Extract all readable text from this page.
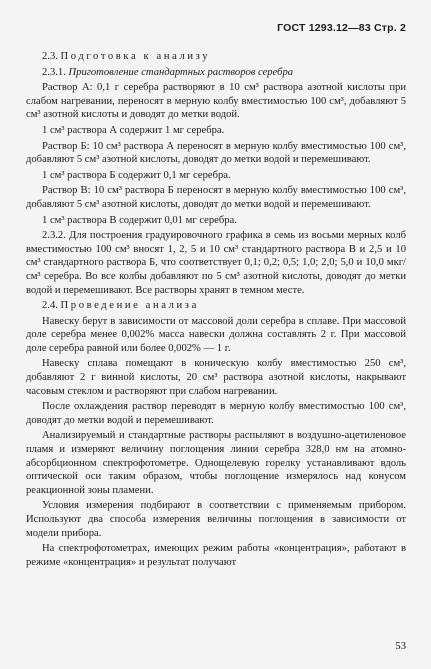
ГОСТ 1293.12—83 Стр. 2

2.3. Подготовка к анализу

2.3.1. Приготовление стандартных растворов серебра

Раствор А: 0,1 г серебра растворяют в 10 см³ раствора азотной кислоты при слабом нагревании, переносят в мерную колбу вместимостью 100 см³, добавляют 5 см³ азотной кислоты и доводят до метки водой.

1 см³ раствора А содержит 1 мг серебра.

Раствор Б: 10 см³ раствора А переносят в мерную колбу вместимостью 100 см³, добавляют 5 см³ азотной кислоты, доводят до метки водой и перемешивают.

1 см³ раствора Б содержит 0,1 мг серебра.

Раствор В: 10 см³ раствора Б переносят в мерную колбу вместимостью 100 см³, добавляют 5 см³ азотной кислоты, доводят до метки водой и перемешивают.

1 см³ раствора В содержит 0,01 мг серебра.

2.3.2. Для построения градуировочного графика в семь из восьми мерных колб вместимостью 100 см³ вносят 1, 2, 5 и 10 см³ стандартного раствора В и 2,5 и 10 см³ стандартного раствора Б, что соответствует 0,1; 0,2; 0,5; 1,0; 2,0; 5,0 и 10,0 мкг/см³ серебра. Во все колбы добавляют по 5 см³ азотной кислоты, доводят до метки водой и перемешивают. Все растворы хранят в темном месте.

2.4. Проведение анализа

Навеску берут в зависимости от массовой доли серебра в сплаве. При массовой доле серебра менее 0,002% масса навески должна составлять 2 г. При массовой доле серебра равной или более 0,002% — 1 г.

Навеску сплава помещают в коническую колбу вместимостью 250 см³, добавляют 2 г винной кислоты, 20 см³ раствора азотной кислоты, накрывают часовым стеклом и растворяют при слабом нагревании.

После охлаждения раствор переводят в мерную колбу вместимостью 100 см³, доводят до метки водой и перемешивают.

Анализируемый и стандартные растворы распыляют в воздушно-ацетиленовое пламя и измеряют величину поглощения линии серебра 328,0 нм на атомно-абсорбционном спектрофотометре. Однощелевую горелку устанавливают вдоль оптической оси таким образом, чтобы поглощение измерялось над конусом реакционной зоны пламени.

Условия измерения подбирают в соответствии с применяемым прибором. Используют два способа измерения величины поглощения в зависимости от модели прибора.

На спектрофотометрах, имеющих режим работы «концентрация», работают в режиме «концентрация» и результат получают

53
